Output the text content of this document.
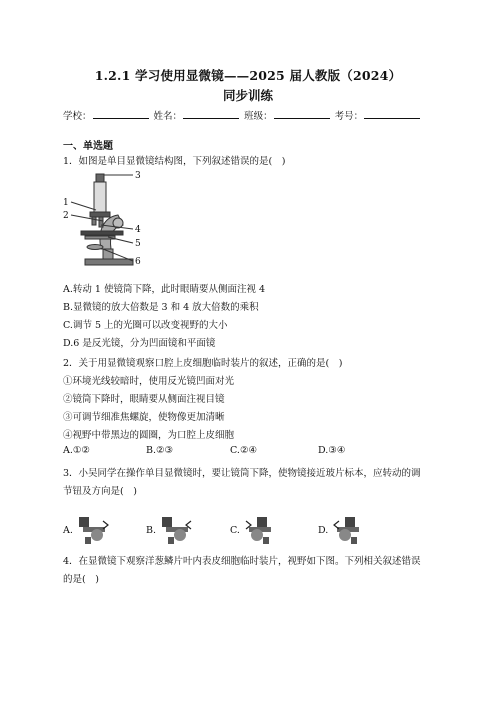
1.2.1 学习使用显微镜——2025 届人教版（2024）
同步训练
学校：	姓名：	班级：	考号：
一、单选题
1．如图是单目显微镜结构图，下列叙述错误的是(　)
1
2
3
4
5
6
A.转动 1 使镜筒下降，此时眼睛要从侧面注视 4
B.显微镜的放大倍数是 3 和 4 放大倍数的乘积
C.调节 5 上的光圈可以改变视野的大小
D.6 是反光镜，分为凹面镜和平面镜
2．关于用显微镜观察口腔上皮细胞临时装片的叙述，正确的是(　)
①环境光线较暗时，使用反光镜凹面对光
②镜筒下降时，眼睛要从侧面注视目镜
③可调节细准焦螺旋，使物像更加清晰
④视野中带黑边的圆圈，为口腔上皮细胞
A.①②	B.②③	C.②④	D.③④
3．小吴同学在操作单目显微镜时，要让镜筒下降，使物镜接近玻片标本，应转动的调
节钮及方向是(　)
A.	B.	C.	D.
4．在显微镜下观察洋葱鳞片叶内表皮细胞临时装片，视野如下图。下列相关叙述错误
的是(　)
